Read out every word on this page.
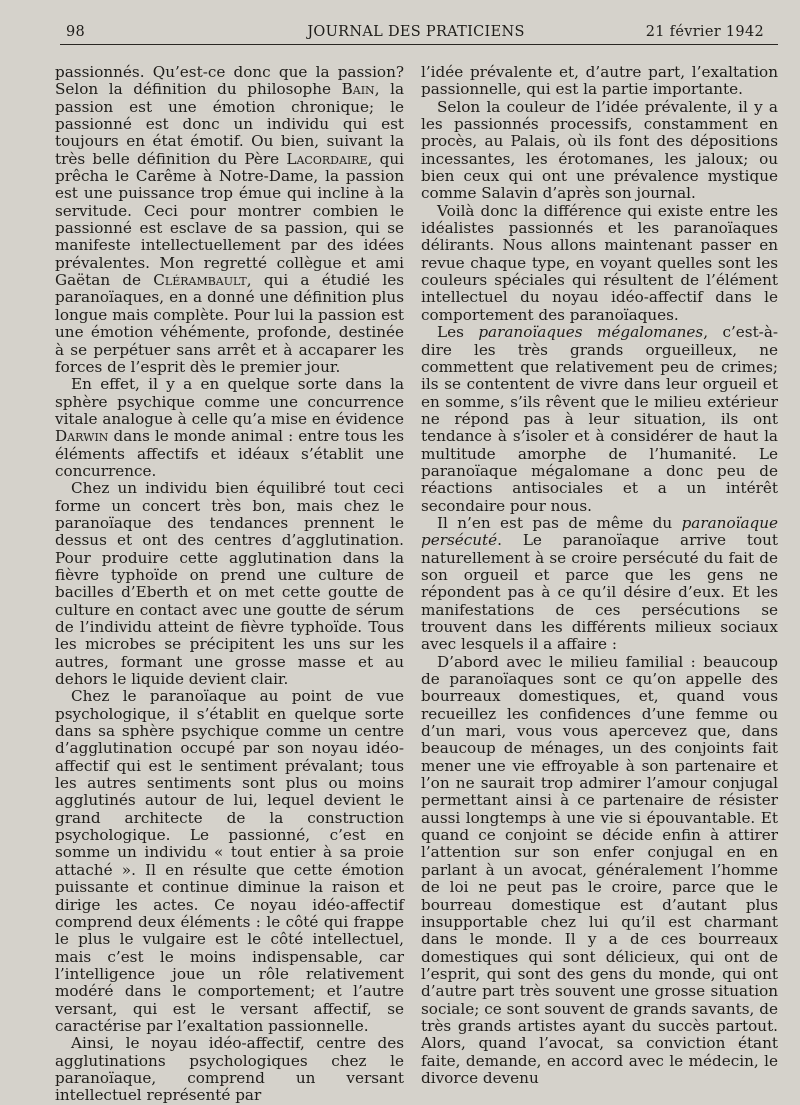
98	JOURNAL DES PRATICIENS	21 février 1942

passionnés. Qu’est-ce donc que la passion? Selon la définition du philosophe Bain, la passion est une émotion chronique; le passionné est donc un individu qui est toujours en état émotif. Ou bien, suivant la très belle définition du Père Lacordaire, qui prêcha le Carême à Notre-Dame, la passion est une puissance trop émue qui incline à la servitude. Ceci pour montrer combien le passionné est esclave de sa passion, qui se manifeste intellectuellement par des idées prévalentes. Mon regretté collègue et ami Gaëtan de Clérambault, qui a étudié les paranoïaques, en a donné une définition plus longue mais complète. Pour lui la passion est une émotion véhémente, profonde, destinée à se perpétuer sans arrêt et à accaparer les forces de l’esprit dès le premier jour.

En effet, il y a en quelque sorte dans la sphère psychique comme une concurrence vitale analogue à celle qu’a mise en évidence Darwin dans le monde animal : entre tous les éléments affectifs et idéaux s’établit une concurrence.

Chez un individu bien équilibré tout ceci forme un concert très bon, mais chez le paranoïaque des tendances prennent le dessus et ont des centres d’agglutination. Pour produire cette agglutination dans la fièvre typhoïde on prend une culture de bacilles d’Eberth et on met cette goutte de culture en contact avec une goutte de sérum de l’individu atteint de fièvre typhoïde. Tous les microbes se précipitent les uns sur les autres, formant une grosse masse et au dehors le liquide devient clair.

Chez le paranoïaque au point de vue psychologique, il s’établit en quelque sorte dans sa sphère psychique comme un centre d’agglutination occupé par son noyau idéo-affectif qui est le sentiment prévalant; tous les autres sentiments sont plus ou moins agglutinés autour de lui, lequel devient le grand architecte de la construction psychologique. Le passionné, c’est en somme un individu « tout entier à sa proie attaché ». Il en résulte que cette émotion puissante et continue diminue la raison et dirige les actes. Ce noyau idéo-affectif comprend deux éléments : le côté qui frappe le plus le vulgaire est le côté intellectuel, mais c’est le moins indispensable, car l’intelligence joue un rôle relativement modéré dans le comportement; et l’autre versant, qui est le versant affectif, se caractérise par l’exaltation passionnelle.

Ainsi, le noyau idéo-affectif, centre des agglutinations psychologiques chez le paranoïaque, comprend un versant intellectuel représenté par

l’idée prévalente et, d’autre part, l’exaltation passionnelle, qui est la partie importante.

Selon la couleur de l’idée prévalente, il y a les passionnés processifs, constamment en procès, au Palais, où ils font des dépositions incessantes, les érotomanes, les jaloux; ou bien ceux qui ont une prévalence mystique comme Salavin d’après son journal.

Voilà donc la différence qui existe entre les idéalistes passionnés et les paranoïaques délirants. Nous allons maintenant passer en revue chaque type, en voyant quelles sont les couleurs spéciales qui résultent de l’élément intellectuel du noyau idéo-affectif dans le comportement des paranoïaques.

Les paranoïaques mégalomanes, c’est-à-dire les très grands orgueilleux, ne commettent que relativement peu de crimes; ils se contentent de vivre dans leur orgueil et en somme, s’ils rêvent que le milieu extérieur ne répond pas à leur situation, ils ont tendance à s’isoler et à considérer de haut la multitude amorphe de l’humanité. Le paranoïaque mégalomane a donc peu de réactions antisociales et a un intérêt secondaire pour nous.

Il n’en est pas de même du paranoïaque persécuté. Le paranoïaque arrive tout naturellement à se croire persécuté du fait de son orgueil et parce que les gens ne répondent pas à ce qu’il désire d’eux. Et les manifestations de ces persécutions se trouvent dans les différents milieux sociaux avec lesquels il a affaire :

D’abord avec le milieu familial : beaucoup de paranoïaques sont ce qu’on appelle des bourreaux domestiques, et, quand vous recueillez les confidences d’une femme ou d’un mari, vous vous apercevez que, dans beaucoup de ménages, un des conjoints fait mener une vie effroyable à son partenaire et l’on ne saurait trop admirer l’amour conjugal permettant ainsi à ce partenaire de résister aussi longtemps à une vie si épouvantable. Et quand ce conjoint se décide enfin à attirer l’attention sur son enfer conjugal en en parlant à un avocat, généralement l’homme de loi ne peut pas le croire, parce que le bourreau domestique est d’autant plus insupportable chez lui qu’il est charmant dans le monde. Il y a de ces bourreaux domestiques qui sont délicieux, qui ont de l’esprit, qui sont des gens du monde, qui ont d’autre part très souvent une grosse situation sociale; ce sont souvent de grands savants, de très grands artistes ayant du succès partout. Alors, quand l’avocat, sa conviction étant faite, demande, en accord avec le médecin, le divorce devenu
